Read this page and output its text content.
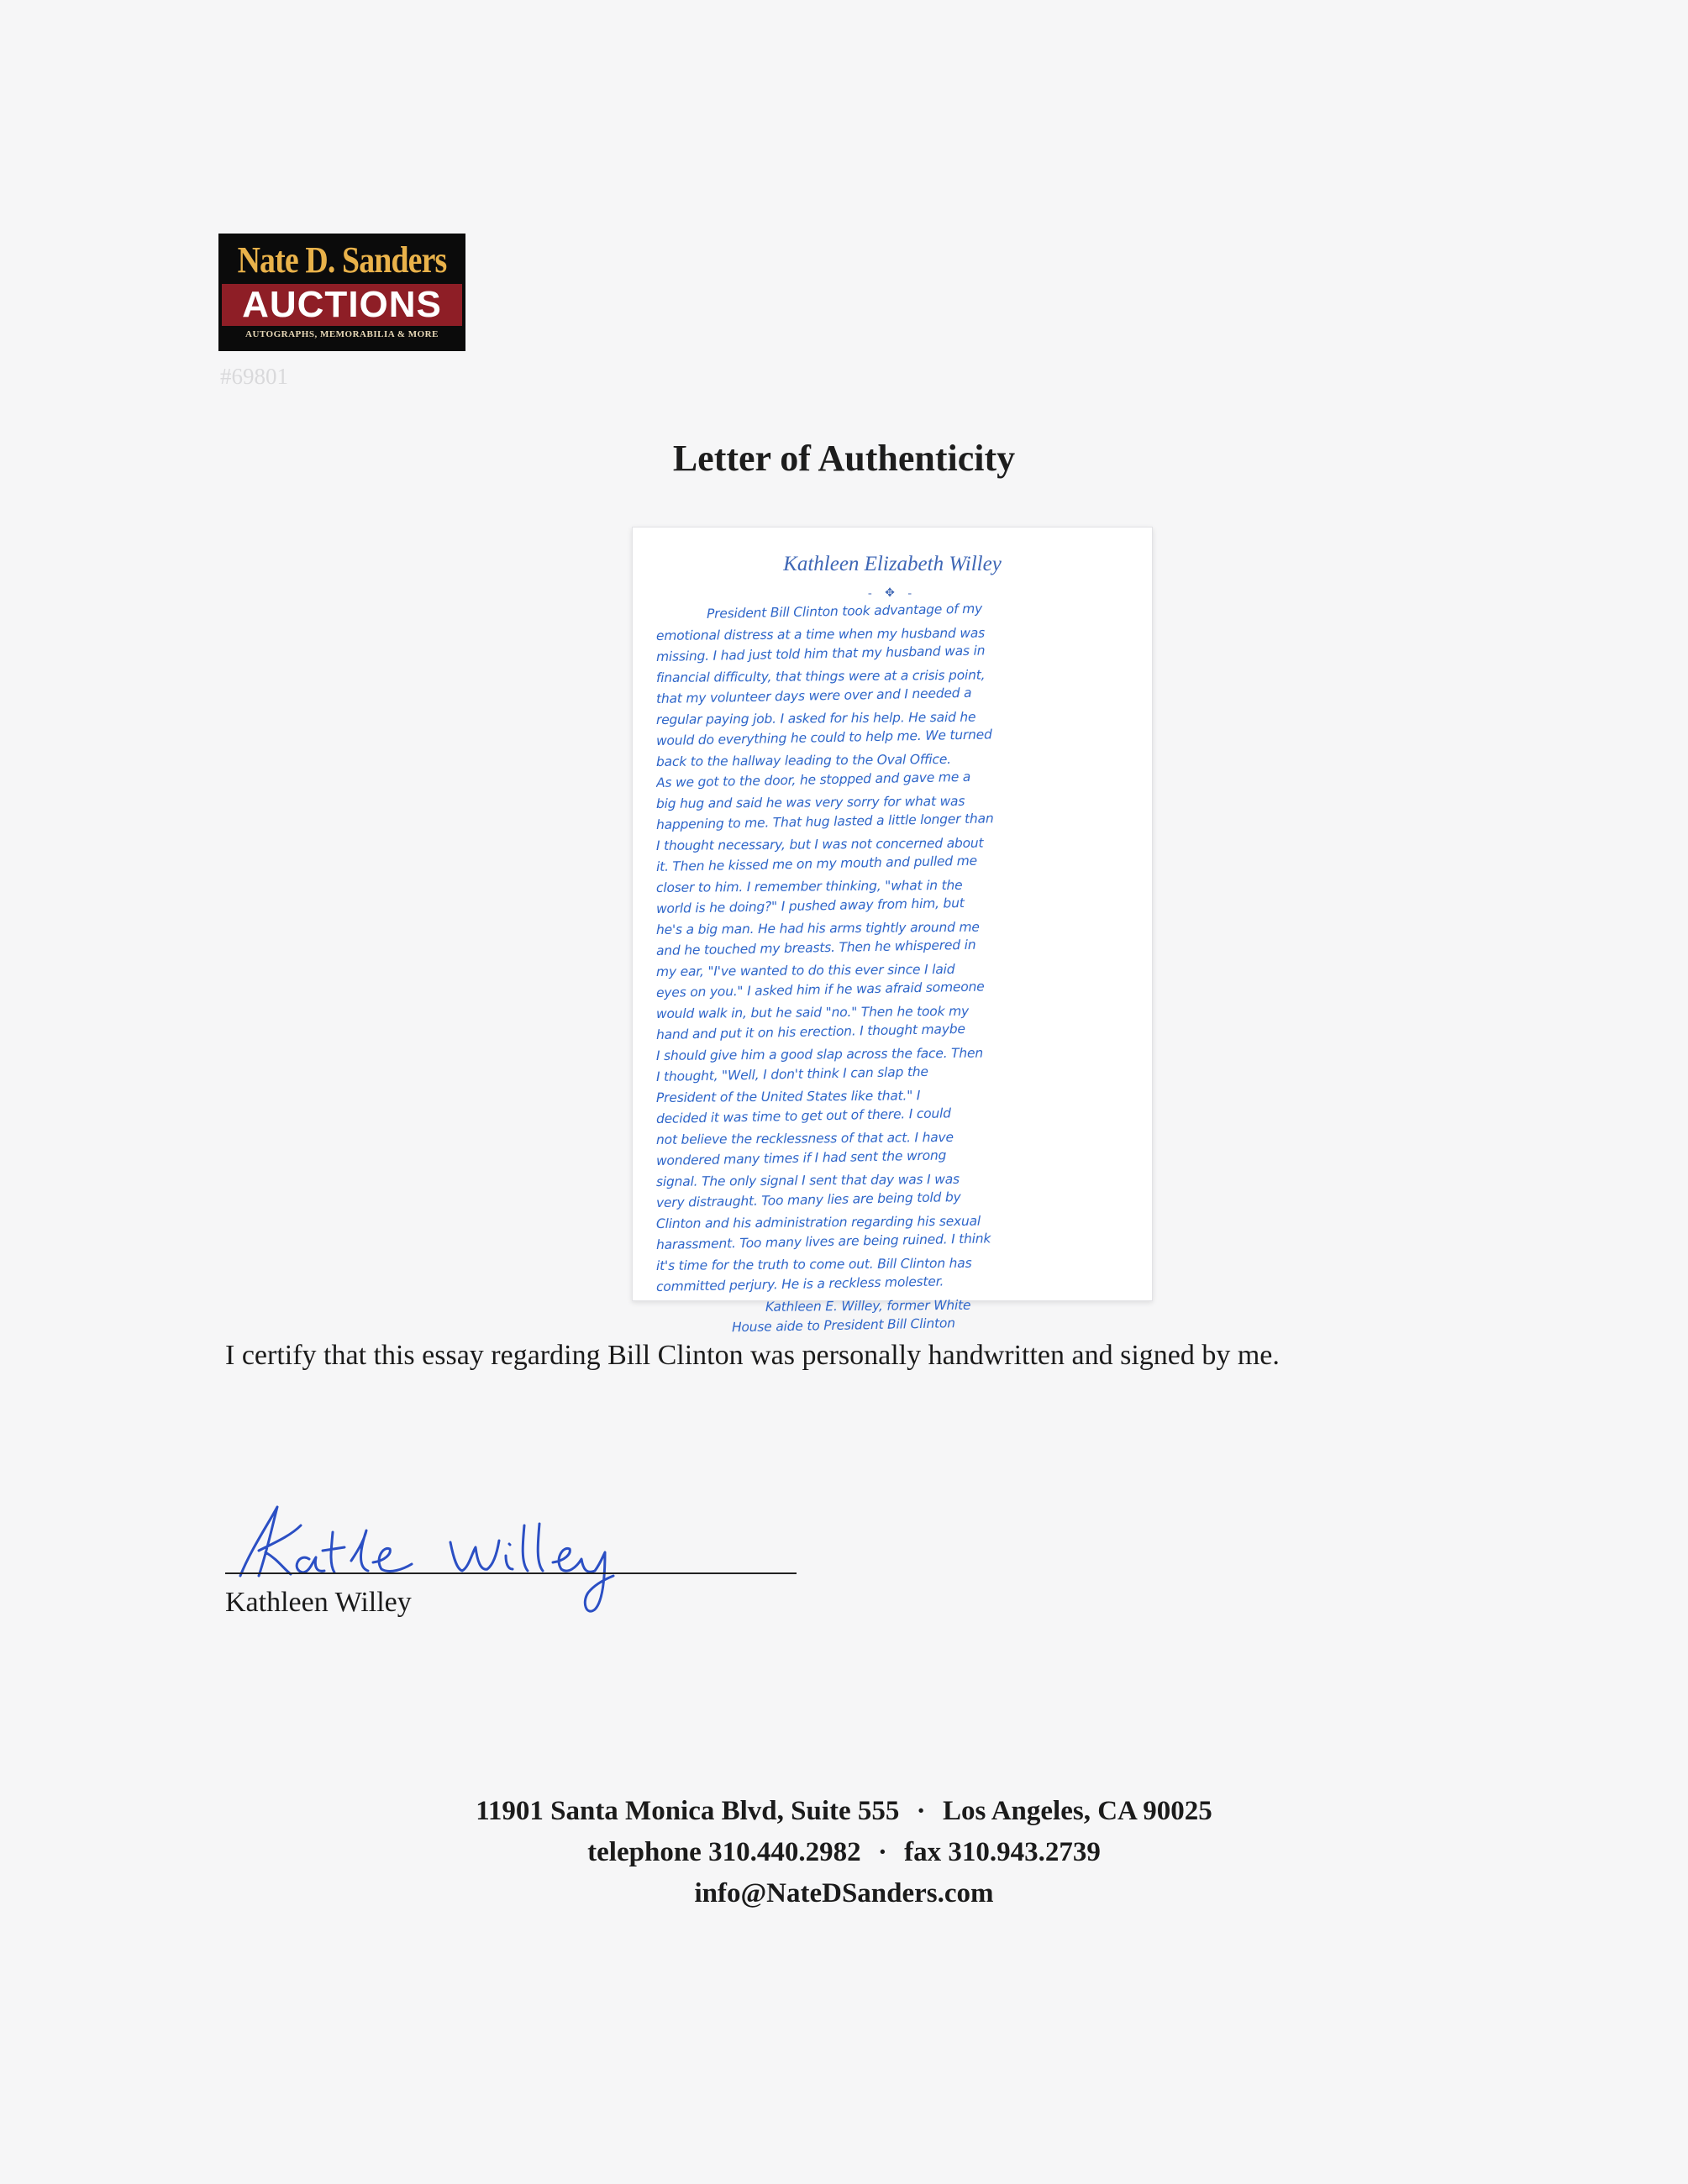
Nate D. Sanders
AUCTIONS
AUTOGRAPHS, MEMORABILIA & MORE
#69801
Letter of Authenticity
Kathleen Elizabeth Willey
- ✥ -
President Bill Clinton took advantage of my
emotional distress at a time when my husband was
missing. I had just told him that my husband was in
financial difficulty, that things were at a crisis point,
that my volunteer days were over and I needed a
regular paying job. I asked for his help. He said he
would do everything he could to help me. We turned
back to the hallway leading to the Oval Office.
As we got to the door, he stopped and gave me a
big hug and said he was very sorry for what was
happening to me. That hug lasted a little longer than
I thought necessary, but I was not concerned about
it. Then he kissed me on my mouth and pulled me
closer to him. I remember thinking, "what in the
world is he doing?" I pushed away from him, but
he's a big man. He had his arms tightly around me
and he touched my breasts. Then he whispered in
my ear, "I've wanted to do this ever since I laid
eyes on you." I asked him if he was afraid someone
would walk in, but he said "no." Then he took my
hand and put it on his erection. I thought maybe
I should give him a good slap across the face. Then
I thought, "Well, I don't think I can slap the
President of the United States like that." I
decided it was time to get out of there. I could
not believe the recklessness of that act. I have
wondered many times if I had sent the wrong
signal. The only signal I sent that day was I was
very distraught. Too many lies are being told by
Clinton and his administration regarding his sexual
harassment. Too many lives are being ruined. I think
it's time for the truth to come out. Bill Clinton has
committed perjury. He is a reckless molester.
Kathleen E. Willey, former White
House aide to President Bill Clinton
I certify that this essay regarding Bill Clinton was personally handwritten and signed by me.
Kathleen Willey
11901 Santa Monica Blvd, Suite 555 · Los Angeles, CA 90025
telephone 310.440.2982 · fax 310.943.2739
info@NateDSanders.com
